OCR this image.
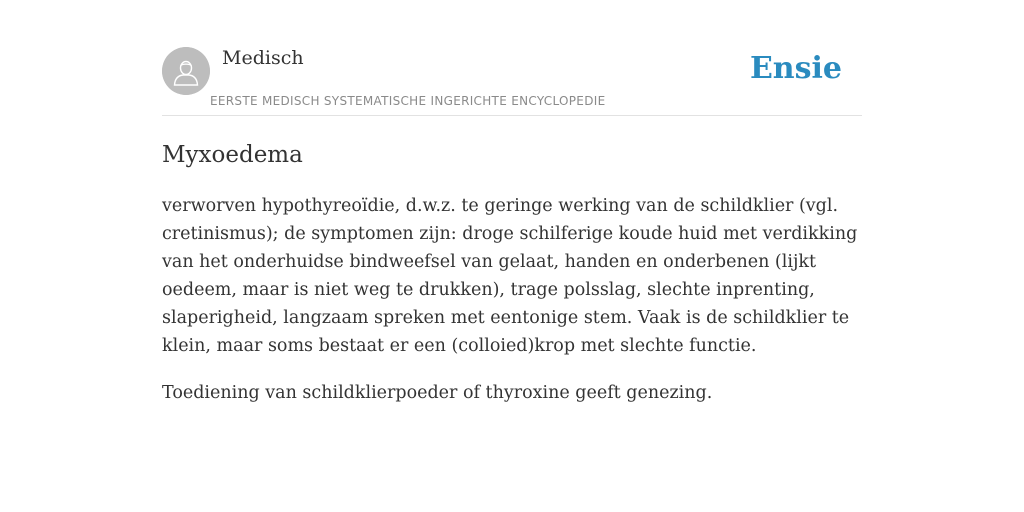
Medisch
EERSTE MEDISCH SYSTEMATISCHE INGERICHTE ENCYCLOPEDIE
Ensie
Myxoedema

verworven hypothyreoïdie, d.w.z. te geringe werking van de schildklier (vgl. cretinismus); de symptomen zijn: droge schilferige koude huid met verdikking van het onderhuidse bindweefsel van gelaat, handen en onderbenen (lijkt oedeem, maar is niet weg te drukken), trage polsslag, slechte inprenting, slaperigheid, langzaam spreken met eentonige stem. Vaak is de schildklier te klein, maar soms bestaat er een (colloied)krop met slechte functie.

Toediening van schildklierpoeder of thyroxine geeft genezing.
